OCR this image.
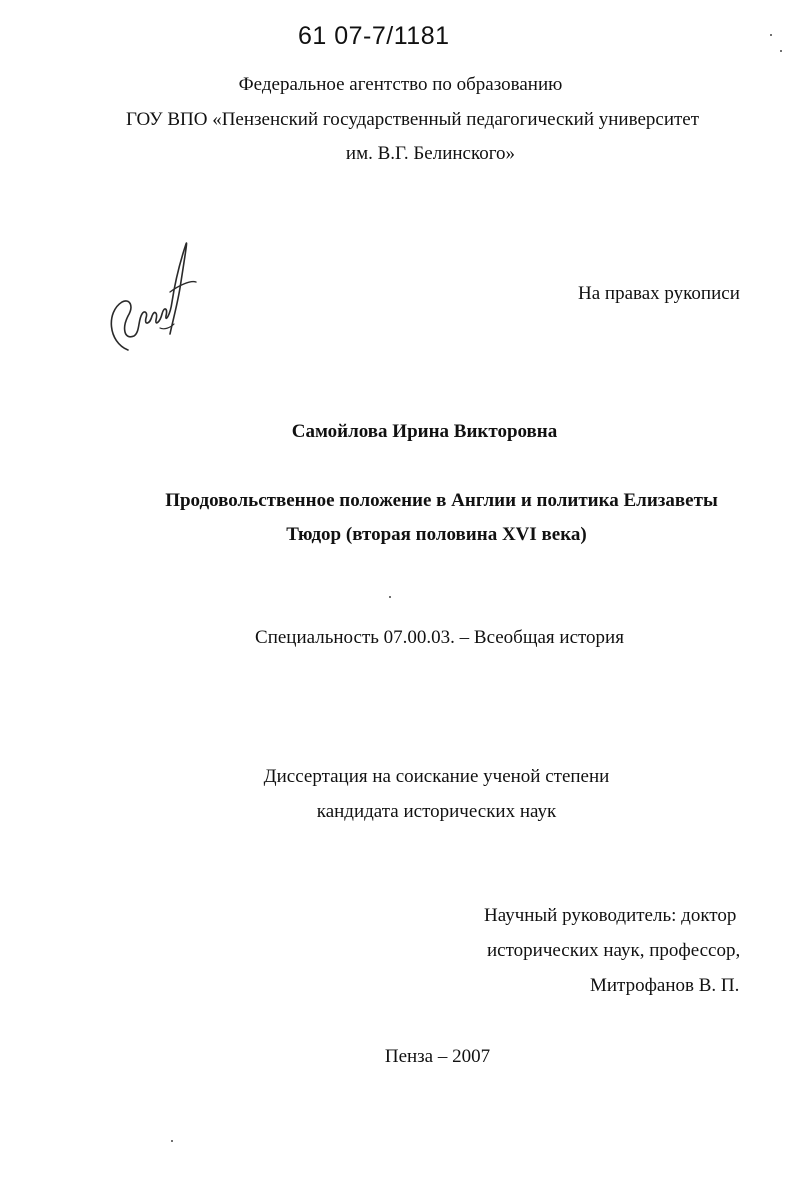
61 07-7/1181
Федеральное агентство по образованию
ГОУ ВПО «Пензенский государственный педагогический университет
им. В.Г. Белинского»
На правах рукописи
Самойлова Ирина Викторовна
Продовольственное положение в Англии и политика Елизаветы
Тюдор (вторая половина XVI века)
Специальность 07.00.03. – Всеобщая история
Диссертация на соискание ученой степени
кандидата исторических наук
Научный руководитель: доктор
исторических наук, профессор,
Митрофанов В. П.
Пенза – 2007
